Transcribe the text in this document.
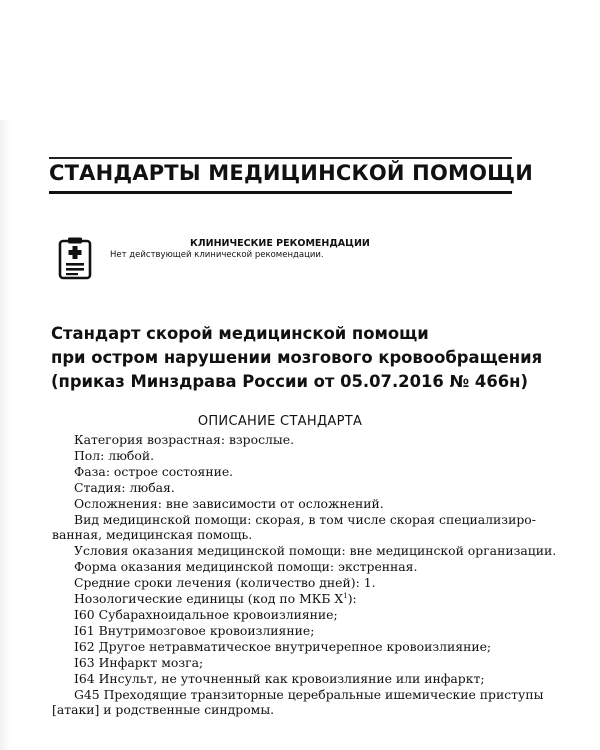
СТАНДАРТЫ МЕДИЦИНСКОЙ ПОМОЩИ
КЛИНИЧЕСКИЕ РЕКОМЕНДАЦИИ
Нет действующей клинической рекомендации.
Стандарт скорой медицинской помощи
при остром нарушении мозгового кровообращения
(приказ Минздрава России от 05.07.2016 № 466н)
ОПИСАНИЕ СТАНДАРТА
Категория возрастная: взрослые.
Пол: любой.
Фаза: острое состояние.
Стадия: любая.
Осложнения: вне зависимости от осложнений.
Вид медицинской помощи: скорая, в том числе скорая специализиро-
ванная, медицинская помощь.
Условия оказания медицинской помощи: вне медицинской организации.
Форма оказания медицинской помощи: экстренная.
Средние сроки лечения (количество дней): 1.
Нозологические единицы (код по МКБ $X^1$):
I60 Субарахноидальное кровоизлияние;
I61 Внутримозговое кровоизлияние;
I62 Другое нетравматическое внутричерепное кровоизлияние;
I63 Инфаркт мозга;
I64 Инсульт, не уточненный как кровоизлияние или инфаркт;
G45 Преходящие транзиторные церебральные ишемические приступы
[атаки] и родственные синдромы.
